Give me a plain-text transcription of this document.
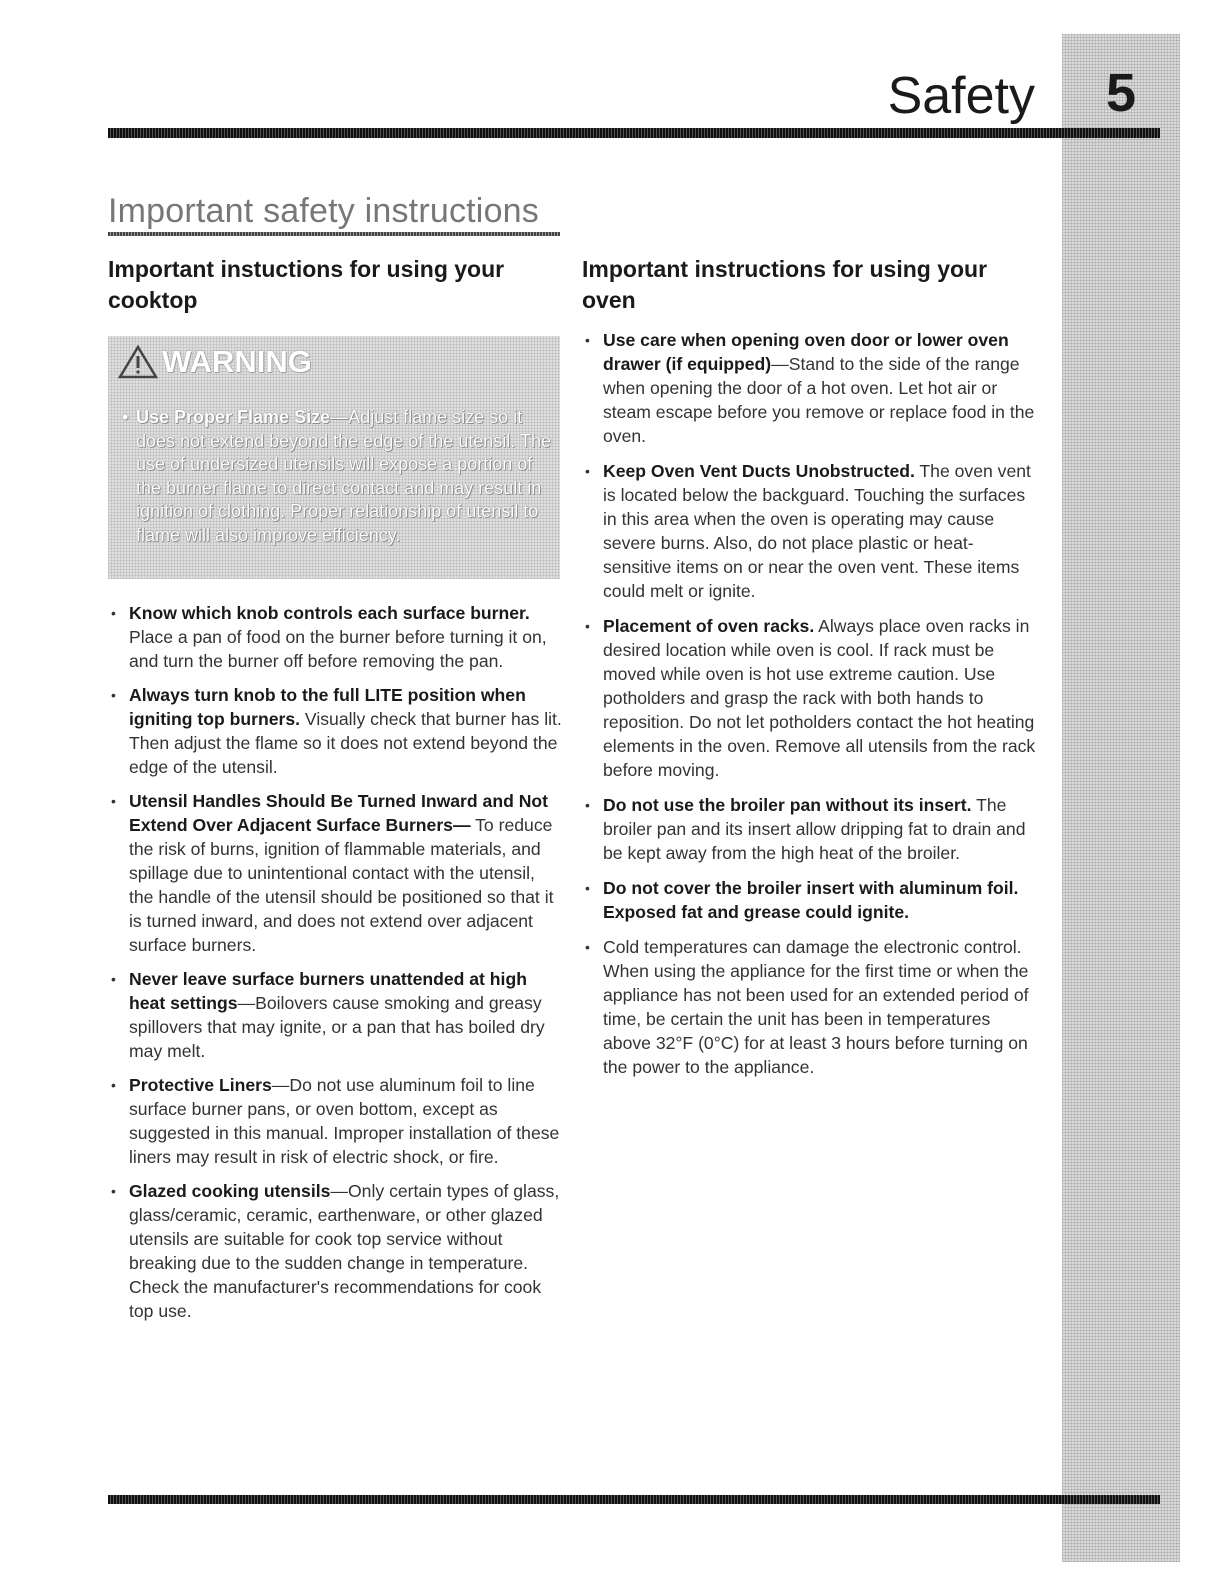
5
Safety
Important safety instructions
Important instuctions for using your cooktop
WARNING
• Use Proper Flame Size—Adjust flame size so it does not extend beyond the edge of the utensil. The use of undersized utensils will expose a portion of the burner flame to direct contact and may result in ignition of clothing. Proper relationship of utensil to flame will also improve efficiency.
• Know which knob controls each surface burner. Place a pan of food on the burner before turning it on, and turn the burner off before removing the pan.
• Always turn knob to the full LITE position when igniting top burners. Visually check that burner has lit. Then adjust the flame so it does not extend beyond the edge of the utensil.
• Utensil Handles Should Be Turned Inward and Not Extend Over Adjacent Surface Burners— To reduce the risk of burns, ignition of flammable materials, and spillage due to unintentional contact with the utensil, the handle of the utensil should be positioned so that it is turned inward, and does not extend over adjacent surface burners.
• Never leave surface burners unattended at high heat settings—Boilovers cause smoking and greasy spillovers that may ignite, or a pan that has boiled dry may melt.
• Protective Liners—Do not use aluminum foil to line surface burner pans, or oven bottom, except as suggested in this manual. Improper installation of these liners may result in risk of electric shock, or fire.
• Glazed cooking utensils—Only certain types of glass, glass/ceramic, ceramic, earthenware, or other glazed utensils are suitable for cook top service without breaking due to the sudden change in temperature. Check the manufacturer's recommendations for cook top use.
Important instructions for using your oven
• Use care when opening oven door or lower oven drawer (if equipped)—Stand to the side of the range when opening the door of a hot oven. Let hot air or steam escape before you remove or replace food in the oven.
• Keep Oven Vent Ducts Unobstructed. The oven vent is located below the backguard. Touching the surfaces in this area when the oven is operating may cause severe burns. Also, do not place plastic or heat-sensitive items on or near the oven vent. These items could melt or ignite.
• Placement of oven racks. Always place oven racks in desired location while oven is cool. If rack must be moved while oven is hot use extreme caution. Use potholders and grasp the rack with both hands to reposition. Do not let potholders contact the hot heating elements in the oven. Remove all utensils from the rack before moving.
• Do not use the broiler pan without its insert. The broiler pan and its insert allow dripping fat to drain and be kept away from the high heat of the broiler.
• Do not cover the broiler insert with aluminum foil. Exposed fat and grease could ignite.
• Cold temperatures can damage the electronic control. When using the appliance for the first time or when the appliance has not been used for an extended period of time, be certain the unit has been in temperatures above 32°F (0°C) for at least 3 hours before turning on the power to the appliance.
